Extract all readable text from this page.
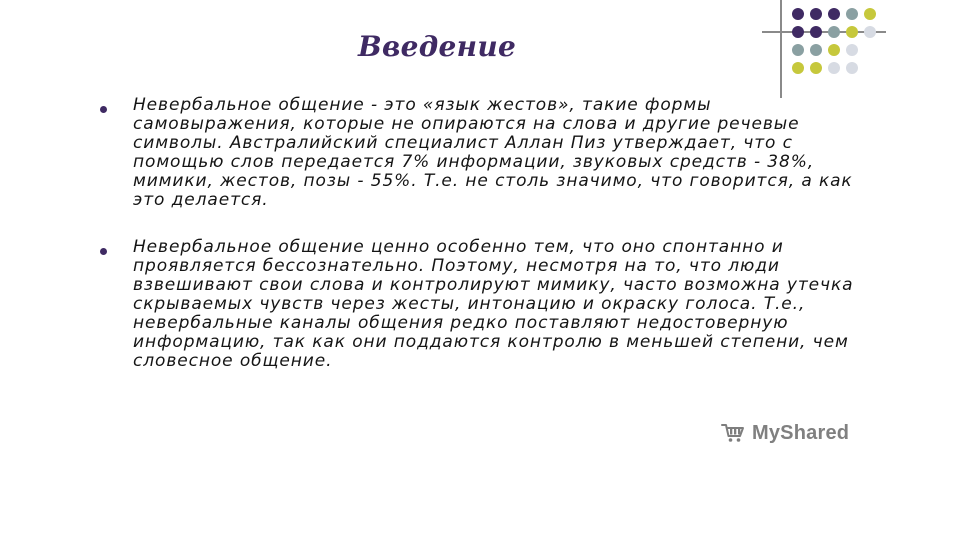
Введение

Невербальное общение - это «язык жестов», такие формы самовыражения, которые не опираются на слова и другие речевые символы. Австралийский специалист Аллан Пиз утверждает, что с помощью слов передается 7% информации, звуковых средств - 38%, мимики, жестов, позы - 55%. Т.е. не столь значимо, что говорится, а как это делается.

Невербальное общение ценно особенно тем, что оно спонтанно и проявляется бессознательно. Поэтому, несмотря на то, что люди взвешивают свои слова и контролируют мимику, часто возможна утечка скрываемых чувств через жесты, интонацию и окраску голоса. Т.е., невербальные каналы общения редко поставляют недостоверную информацию, так как они поддаются контролю в меньшей степени, чем словесное общение.

MyShared
